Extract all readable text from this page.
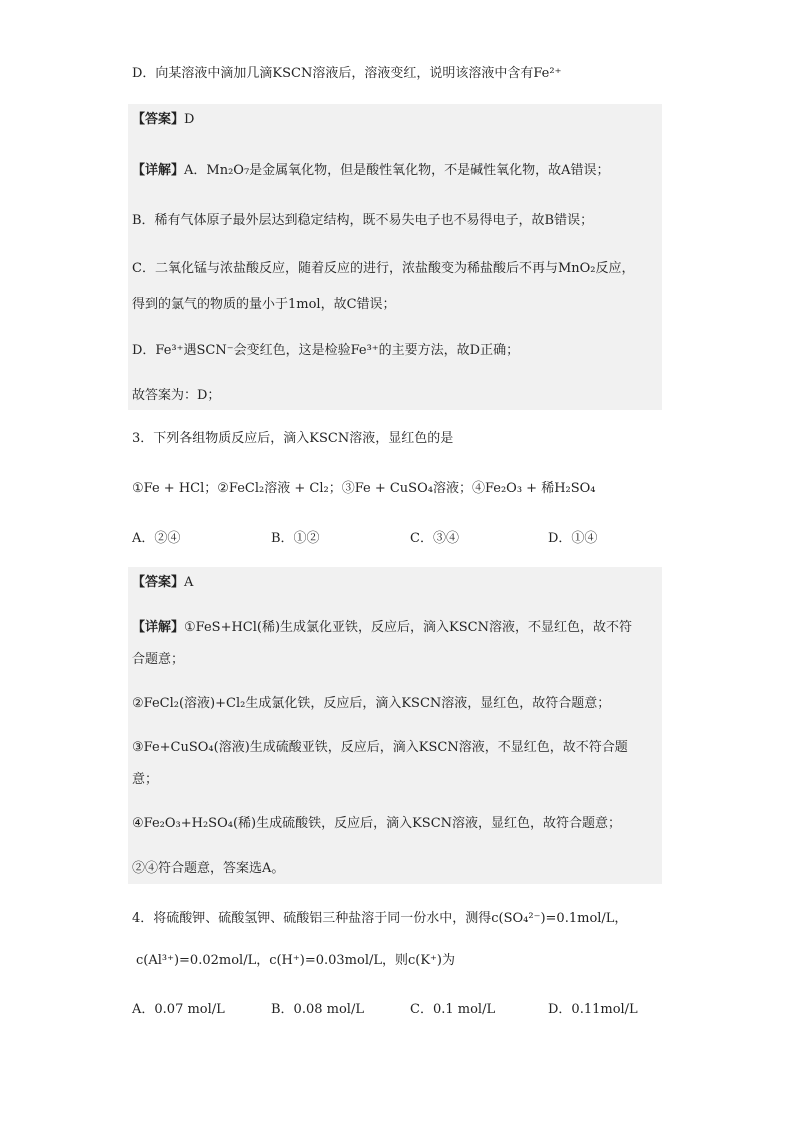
D．向某溶液中滴加几滴KSCN溶液后，溶液变红，说明该溶液中含有Fe²⁺
【答案】D
【详解】A．Mn₂O₇是金属氧化物，但是酸性氧化物，不是碱性氧化物，故A错误；
B．稀有气体原子最外层达到稳定结构，既不易失电子也不易得电子，故B错误；
C．二氧化锰与浓盐酸反应，随着反应的进行，浓盐酸变为稀盐酸后不再与MnO₂反应，
得到的氯气的物质的量小于1mol，故C错误；
D．Fe³⁺遇SCN⁻会变红色，这是检验Fe³⁺的主要方法，故D正确；
故答案为：D；
3．下列各组物质反应后，滴入KSCN溶液，显红色的是
①Fe + HCl；②FeCl₂溶液 + Cl₂；③Fe + CuSO₄溶液；④Fe₂O₃ + 稀H₂SO₄
A．②④	B．①②	C．③④	D．①④
【答案】A
【详解】①FeS+HCl(稀)生成氯化亚铁，反应后，滴入KSCN溶液，不显红色，故不符
合题意；
②FeCl₂(溶液)+Cl₂生成氯化铁，反应后，滴入KSCN溶液，显红色，故符合题意；
③Fe+CuSO₄(溶液)生成硫酸亚铁，反应后，滴入KSCN溶液，不显红色，故不符合题
意；
④Fe₂O₃+H₂SO₄(稀)生成硫酸铁，反应后，滴入KSCN溶液，显红色，故符合题意；
②④符合题意，答案选A。
4．将硫酸钾、硫酸氢钾、硫酸铝三种盐溶于同一份水中，测得c(SO₄²⁻)=0.1mol/L，
c(Al³⁺)=0.02mol/L，c(H⁺)=0.03mol/L，则c(K⁺)为
A．0.07 mol/L	B．0.08 mol/L	C．0.1 mol/L	D．0.11mol/L
